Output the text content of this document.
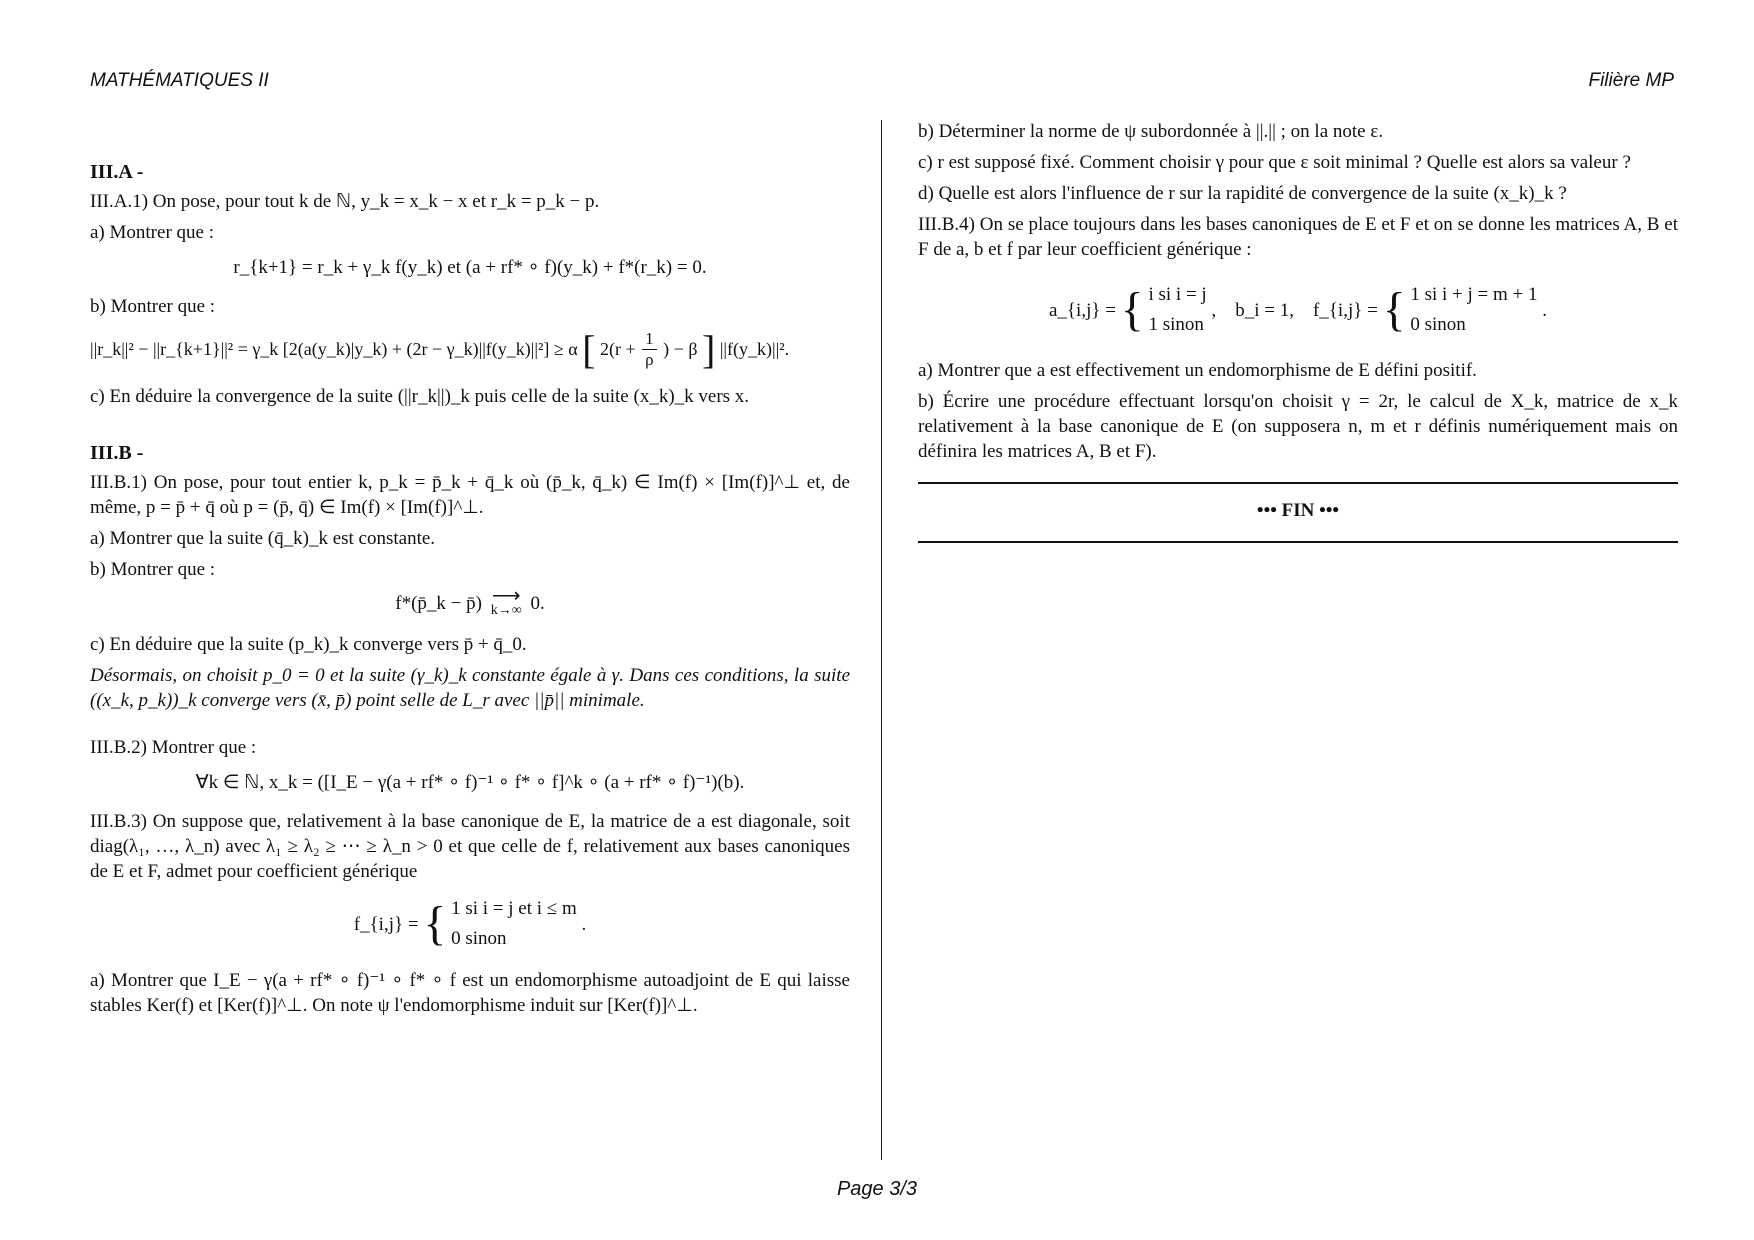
MATHÉMATIQUES II	Filière MP
III.A -
III.A.1) On pose, pour tout k de ℕ, y_k = x_k − x et r_k = p_k − p.
a) Montrer que :
r_{k+1} = r_k + γ_k f(y_k) et (a + rf* ∘ f)(y_k) + f*(r_k) = 0.
b) Montrer que :
||r_k||² − ||r_{k+1}||² = γ_k [2(a(y_k)|y_k) + (2r − γ_k)||f(y_k)||²] ≥ α [ $2(r + \frac{1}{\rho}$ ) − β ] ||f(y_k)||².
c) En déduire la convergence de la suite (||r_k||)_k puis celle de la suite (x_k)_k vers x.
III.B -
III.B.1) On pose, pour tout entier k, p_k = p̄_k + q̄_k où (p̄_k, q̄_k) ∈ Im(f) × [Im(f)]^⊥ et, de même, p = p̄ + q̄ où p = (p̄, q̄) ∈ Im(f) × [Im(f)]^⊥.
a) Montrer que la suite (q̄_k)_k est constante.
b) Montrer que :
f*(p̄_k − p̄) ⟶
k→∞ 0.
c) En déduire que la suite (p_k)_k converge vers p̄ + q̄_0.
Désormais, on choisit p_0 = 0 et la suite (γ_k)_k constante égale à γ. Dans ces conditions, la suite ((x_k, p_k))_k converge vers (x̄, p̄) point selle de L_r avec ||p̄|| minimale.
III.B.2) Montrer que :
∀k ∈ ℕ, x_k = ([I_E − γ(a + rf* ∘ f)⁻¹ ∘ f* ∘ f]^k ∘ (a + rf* ∘ f)⁻¹)(b).
III.B.3) On suppose que, relativement à la base canonique de E, la matrice de a est diagonale, soit diag(λ₁, …, λ_n) avec λ₁ ≥ λ₂ ≥ ⋯ ≥ λ_n > 0 et que celle de f, relativement aux bases canoniques de E et F, admet pour coefficient générique
f_{i,j} = { 1 si i = j et i ≤ m
0 sinon
.
a) Montrer que I_E − γ(a + rf* ∘ f)⁻¹ ∘ f* ∘ f est un endomorphisme autoadjoint de E qui laisse stables Ker(f) et [Ker(f)]^⊥. On note ψ l'endomorphisme induit sur [Ker(f)]^⊥.
b) Déterminer la norme de ψ subordonnée à ||.|| ; on la note ε.
c) r est supposé fixé. Comment choisir γ pour que ε soit minimal ? Quelle est alors sa valeur ?
d) Quelle est alors l'influence de r sur la rapidité de convergence de la suite (x_k)_k ?
III.B.4) On se place toujours dans les bases canoniques de E et F et on se donne les matrices A, B et F de a, b et f par leur coefficient générique :
a_{i,j} = { i si i = j
1 sinon
,    b_i = 1,    f_{i,j} = { 1 si i + j = m + 1
0 sinon
.
a) Montrer que a est effectivement un endomorphisme de E défini positif.
b) Écrire une procédure effectuant lorsqu'on choisit γ = 2r, le calcul de X_k, matrice de x_k relativement à la base canonique de E (on supposera n, m et r définis numériquement mais on définira les matrices A, B et F).
••• FIN •••
Page 3/3
